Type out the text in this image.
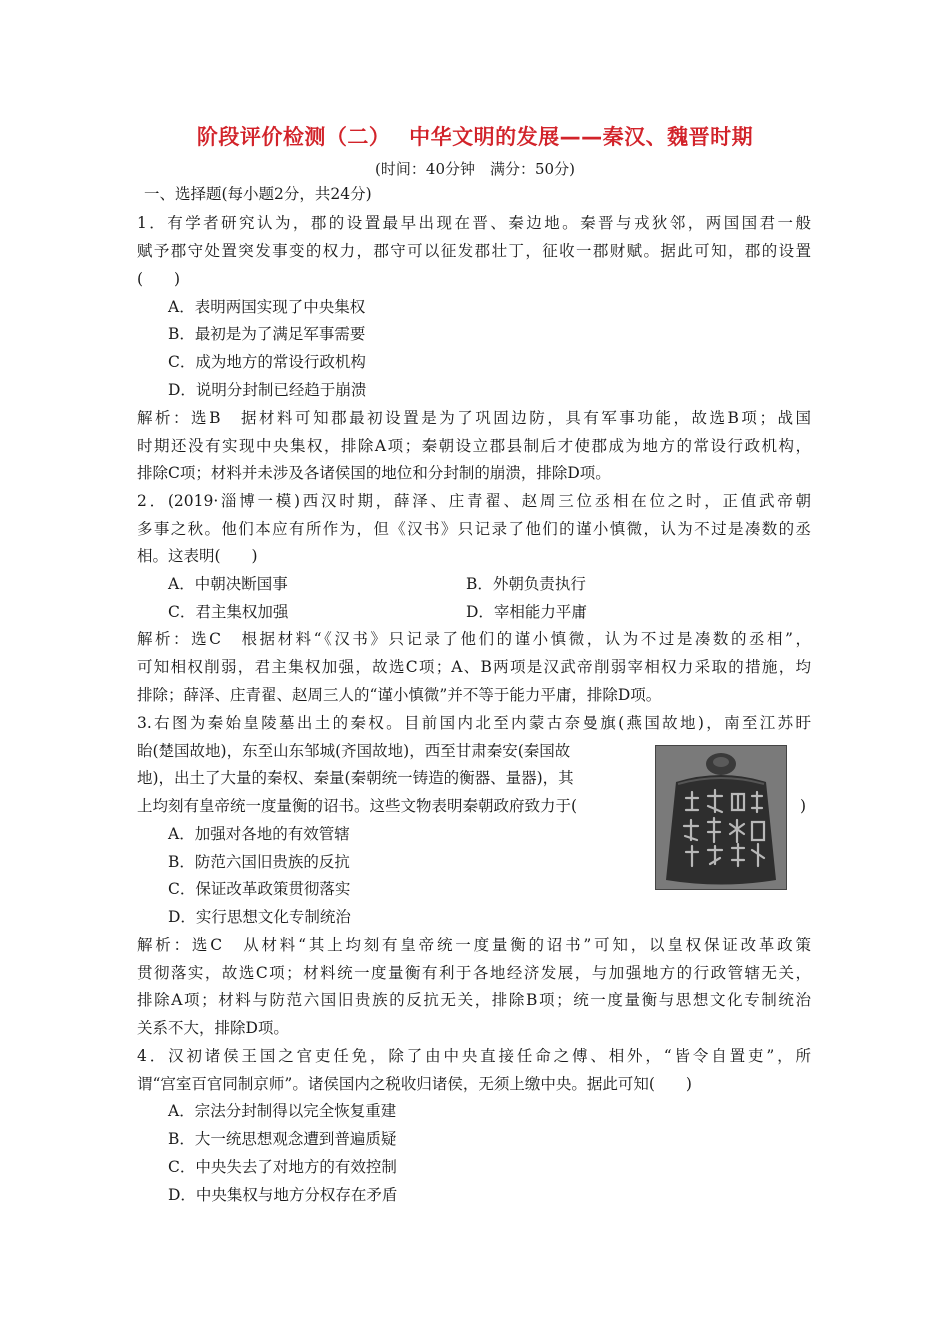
阶段评价检测（二）　 中华文明的发展——秦汉、魏晋时期
(时间：40分钟　满分：50分)
一、选择题(每小题2分，共24分)
1．有学者研究认为，郡的设置最早出现在晋、秦边地。秦晋与戎狄邻，两国国君一般
赋予郡守处置突发事变的权力，郡守可以征发郡壮丁，征收一郡财赋。据此可知，郡的设置
(　　)
A．表明两国实现了中央集权
B．最初是为了满足军事需要
C．成为地方的常设行政机构
D．说明分封制已经趋于崩溃
解析：选B　据材料可知郡最初设置是为了巩固边防，具有军事功能，故选B项；战国
时期还没有实现中央集权，排除A项；秦朝设立郡县制后才使郡成为地方的常设行政机构，
排除C项；材料并未涉及各诸侯国的地位和分封制的崩溃，排除D项。
2．(2019·淄博一模)西汉时期，薛泽、庄青翟、赵周三位丞相在位之时，正值武帝朝
多事之秋。他们本应有所作为，但《汉书》只记录了他们的谨小慎微，认为不过是凑数的丞
相。这表明(　　)
A．中朝决断国事	B．外朝负责执行
C．君主集权加强	D．宰相能力平庸
解析：选C　根据材料“《汉书》只记录了他们的谨小慎微，认为不过是凑数的丞相”，
可知相权削弱，君主集权加强，故选C项；A、B两项是汉武帝削弱宰相权力采取的措施，均
排除；薛泽、庄青翟、赵周三人的“谨小慎微”并不等于能力平庸，排除D项。
3.右图为秦始皇陵墓出土的秦权。目前国内北至内蒙古奈曼旗(燕国故地)，南至江苏盱
眙(楚国故地)，东至山东邹城(齐国故地)，西至甘肃秦安(秦国故
地)，出土了大量的秦权、秦量(秦朝统一铸造的衡器、量器)，其
上均刻有皇帝统一度量衡的诏书。这些文物表明秦朝政府致力于(	)
A．加强对各地的有效管辖
B．防范六国旧贵族的反抗
C．保证改革政策贯彻落实
D．实行思想文化专制统治
解析：选C　从材料“其上均刻有皇帝统一度量衡的诏书”可知，以皇权保证改革政策
贯彻落实，故选C项；材料统一度量衡有利于各地经济发展，与加强地方的行政管辖无关，
排除A项；材料与防范六国旧贵族的反抗无关，排除B项；统一度量衡与思想文化专制统治
关系不大，排除D项。
4．汉初诸侯王国之官吏任免，除了由中央直接任命之傅、相外，“皆令自置吏”，所
谓“宫室百官同制京师”。诸侯国内之税收归诸侯，无须上缴中央。据此可知(　　)
A．宗法分封制得以完全恢复重建
B．大一统思想观念遭到普遍质疑
C．中央失去了对地方的有效控制
D．中央集权与地方分权存在矛盾
